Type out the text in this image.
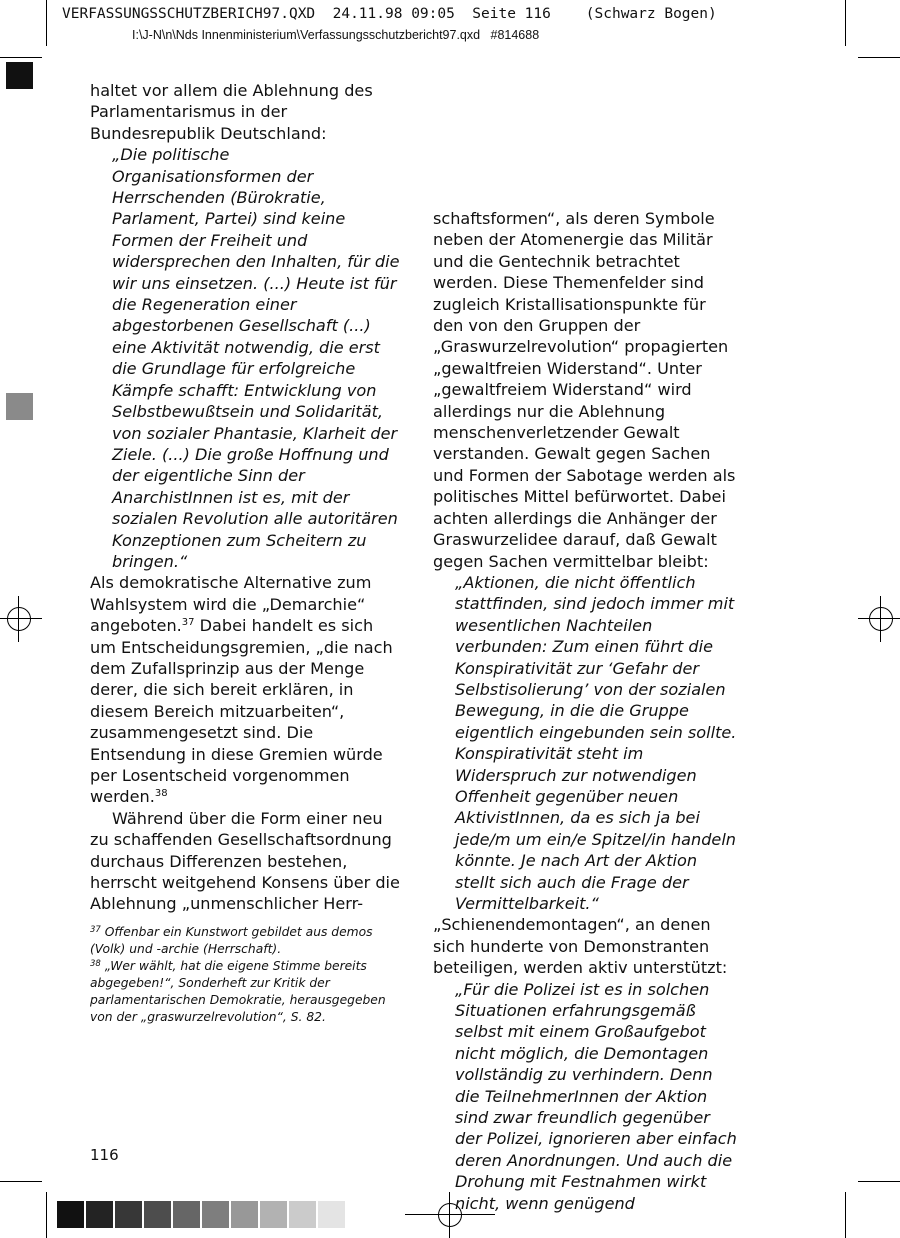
VERFASSUNGSSCHUTZBERICH97.QXD  24.11.98 09:05  Seite 116    (Schwarz Bogen)
I:\J-N\n\Nds Innenministerium\Verfassungsschutzbericht97.qxd   #814688

haltet vor allem die Ablehnung des Parlamentarismus in der Bundesrepublik Deutschland:

„Die politische Organisationsformen der Herrschenden (Bürokratie, Parlament, Partei) sind keine Formen der Freiheit und widersprechen den Inhalten, für die wir uns einsetzen. (...) Heute ist für die Regeneration einer abgestorbenen Gesellschaft (...) eine Aktivität notwendig, die erst die Grundlage für erfolgreiche Kämpfe schafft: Entwicklung von Selbstbewußtsein und Solidarität, von sozialer Phantasie, Klarheit der Ziele. (...) Die große Hoffnung und der eigentliche Sinn der AnarchistInnen ist es, mit der sozialen Revolution alle autoritären Konzeptionen zum Scheitern zu bringen.“

Als demokratische Alternative zum Wahlsystem wird die „Demarchie“ angeboten.$^{37}$ Dabei handelt es sich um Entscheidungsgremien, „die nach dem Zufallsprinzip aus der Menge derer, die sich bereit erklären, in diesem Bereich mitzuarbeiten“, zusammengesetzt sind. Die Entsendung in diese Gremien würde per Losentscheid vorgenommen werden.$^{38}$

Während über die Form einer neu zu schaffenden Gesellschaftsordnung durchaus Differenzen bestehen, herrscht weitgehend Konsens über die Ablehnung „unmenschlicher Herr-

$^{37}$ Offenbar ein Kunstwort gebildet aus demos (Volk) und -archie (Herrschaft).

$^{38}$ „Wer wählt, hat die eigene Stimme bereits abgegeben!“, Sonderheft zur Kritik der parlamentarischen Demokratie, herausgegeben von der „graswurzelrevolution“, S. 82.

schaftsformen“, als deren Symbole neben der Atomenergie das Militär und die Gentechnik betrachtet werden. Diese Themenfelder sind zugleich Kristallisationspunkte für den von den Gruppen der „Graswurzelrevolution“ propagierten „gewaltfreien Widerstand“. Unter „gewaltfreiem Widerstand“ wird allerdings nur die Ablehnung menschenverletzender Gewalt verstanden. Gewalt gegen Sachen und Formen der Sabotage werden als politisches Mittel befürwortet. Dabei achten allerdings die Anhänger der Graswurzelidee darauf, daß Gewalt gegen Sachen vermittelbar bleibt:

„Aktionen, die nicht öffentlich stattfinden, sind jedoch immer mit wesentlichen Nachteilen verbunden: Zum einen führt die Konspirativität zur ‘Gefahr der Selbstisolierung’ von der sozialen Bewegung, in die die Gruppe eigentlich eingebunden sein sollte. Konspirativität steht im Widerspruch zur notwendigen Offenheit gegenüber neuen AktivistInnen, da es sich ja bei jede/m um ein/e Spitzel/in handeln könnte. Je nach Art der Aktion stellt sich auch die Frage der Vermittelbarkeit.“

„Schienendemontagen“, an denen sich hunderte von Demonstranten beteiligen, werden aktiv unterstützt:

„Für die Polizei ist es in solchen Situationen erfahrungsgemäß selbst mit einem Großaufgebot nicht möglich, die Demontagen vollständig zu verhindern. Denn die TeilnehmerInnen der Aktion sind zwar freundlich gegenüber der Polizei, ignorieren aber einfach deren Anordnungen. Und auch die Drohung mit Festnahmen wirkt nicht, wenn genügend

116
